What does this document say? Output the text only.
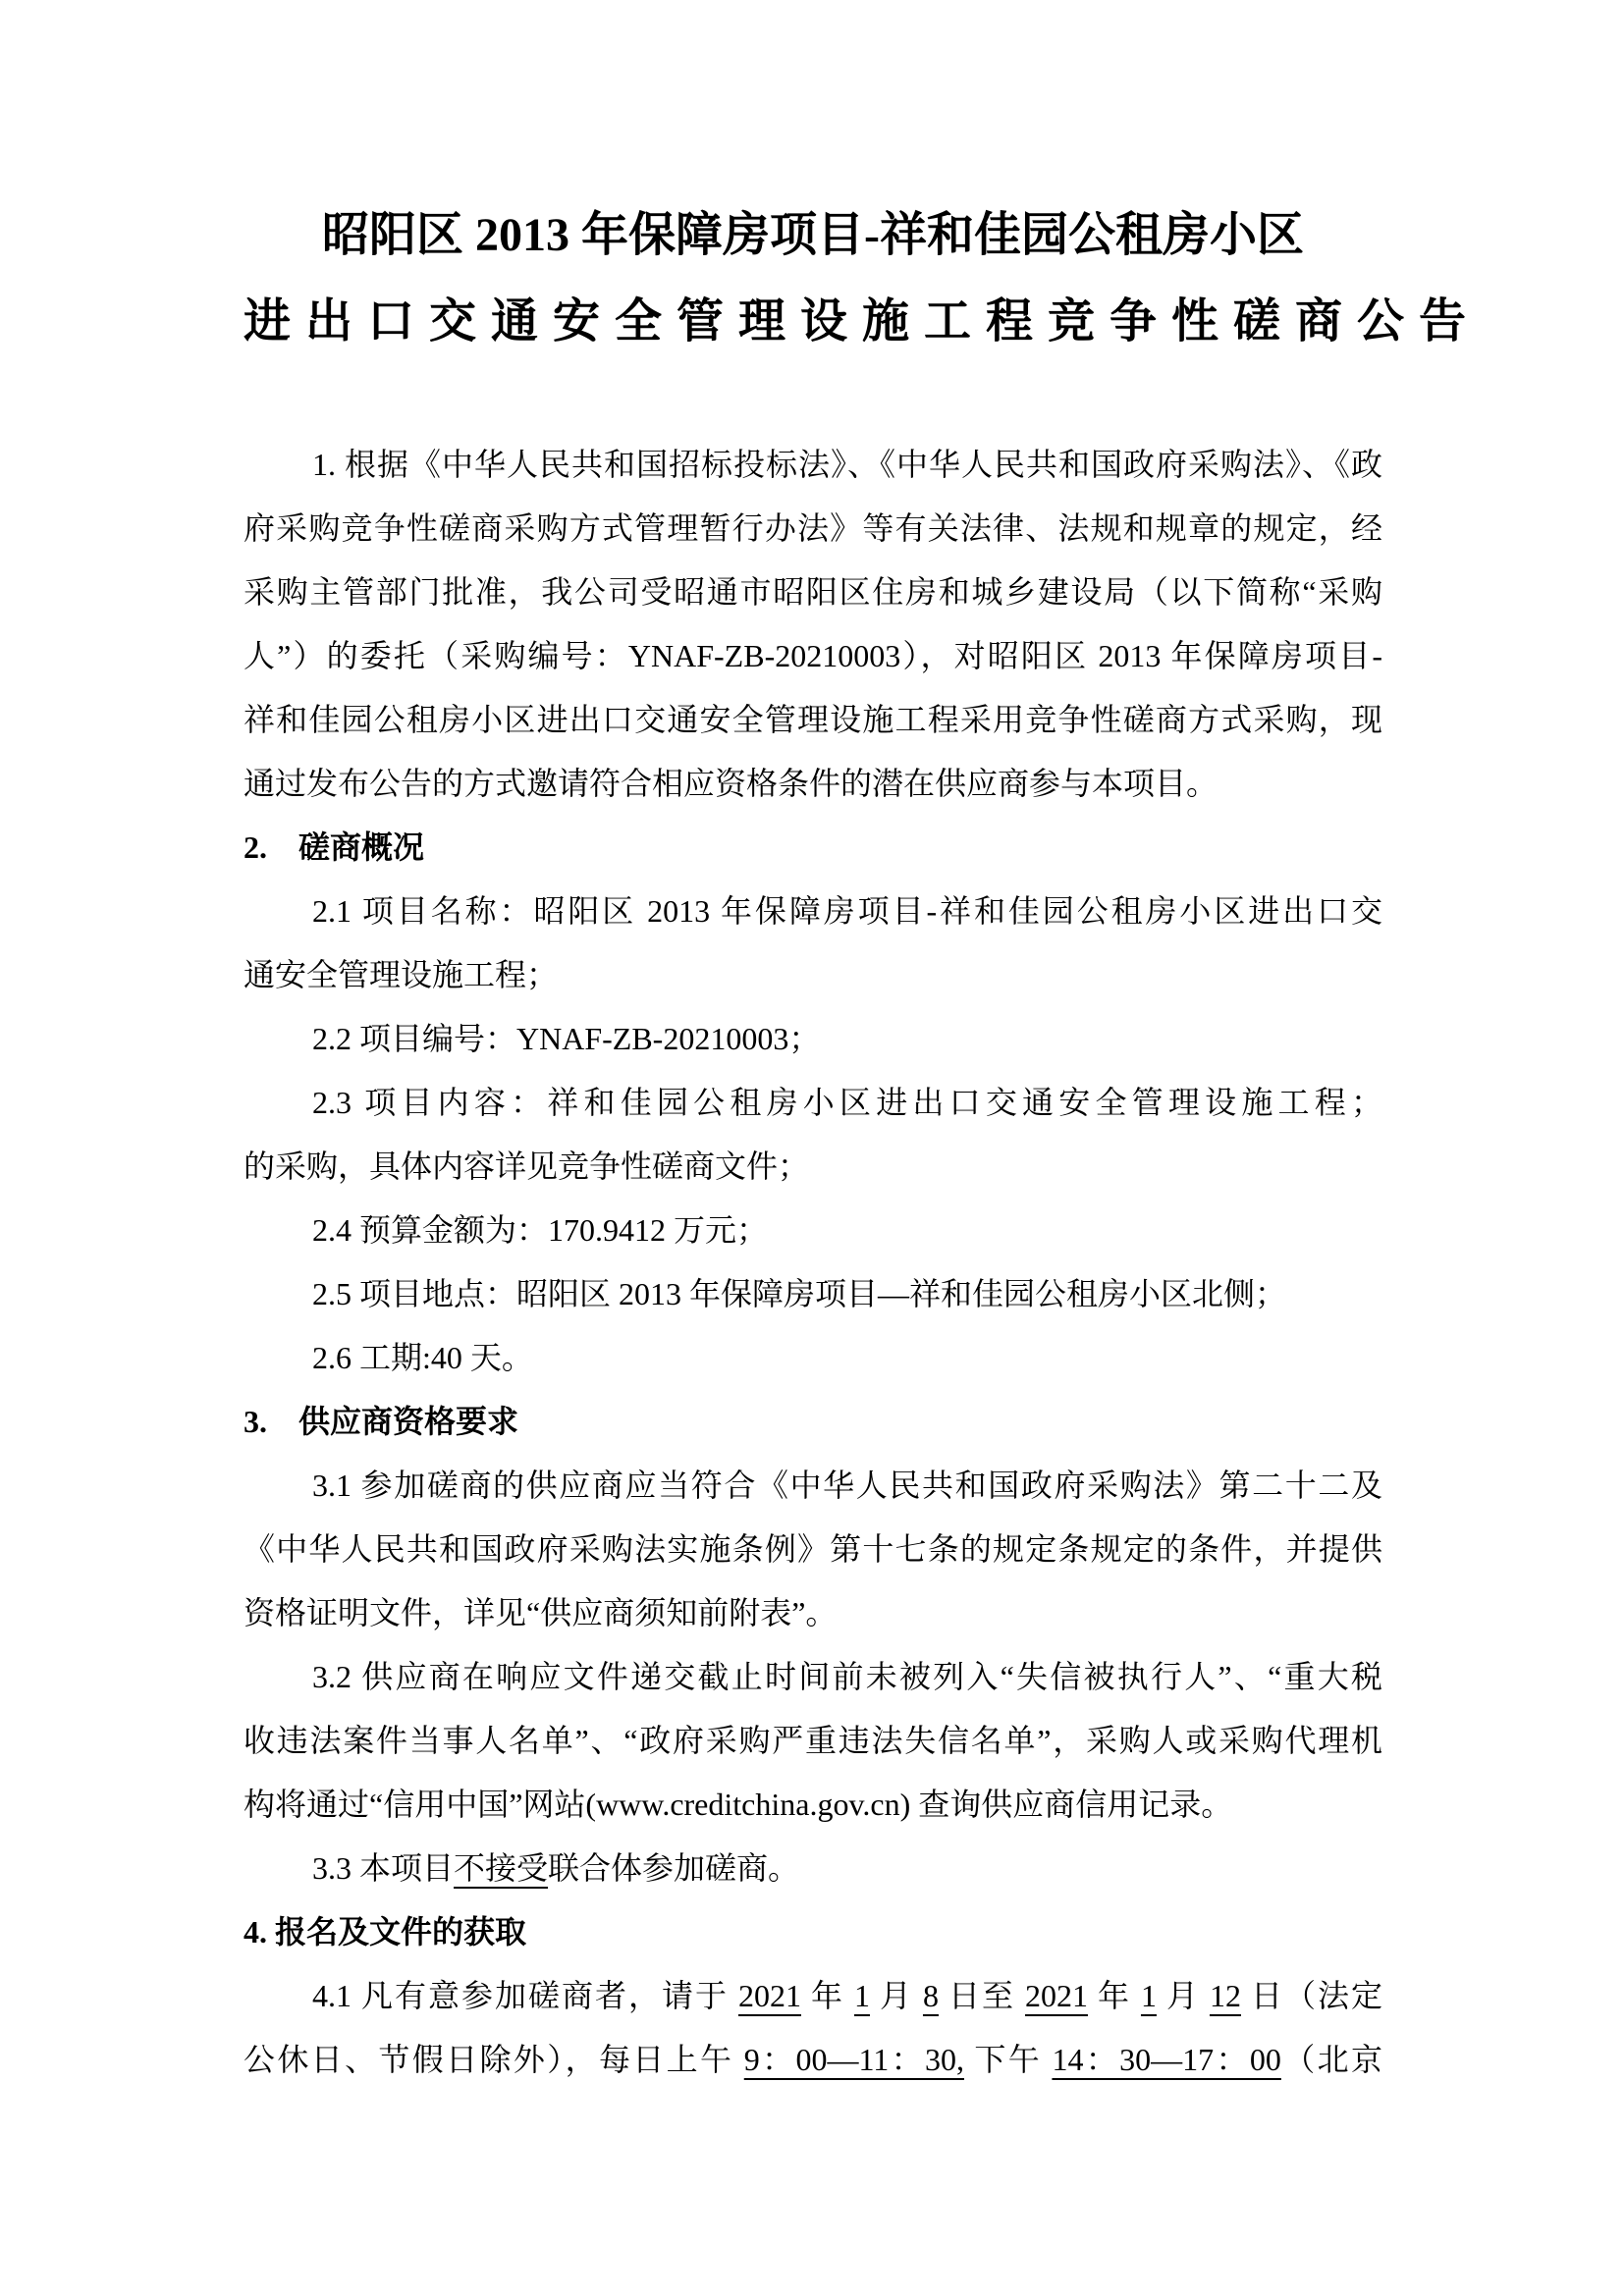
昭阳区 2013 年保障房项目-祥和佳园公租房小区
进出口交通安全管理设施工程竞争性磋商公告
1. 根据《中华人民共和国招标投标法》、《中华人民共和国政府采购法》、《政
府采购竞争性磋商采购方式管理暂行办法》等有关法律、法规和规章的规定，经
采购主管部门批准，我公司受昭通市昭阳区住房和城乡建设局（以下简称“采购
人”）的委托（采购编号：YNAF-ZB-20210003），对昭阳区 2013 年保障房项目-
祥和佳园公租房小区进出口交通安全管理设施工程采用竞争性磋商方式采购，现
通过发布公告的方式邀请符合相应资格条件的潜在供应商参与本项目。
2.　磋商概况
2.1 项目名称：昭阳区 2013 年保障房项目-祥和佳园公租房小区进出口交
通安全管理设施工程；
2.2 项目编号：YNAF-ZB-20210003；
2.3 项目内容：祥和佳园公租房小区进出口交通安全管理设施工程；
的采购，具体内容详见竞争性磋商文件；
2.4 预算金额为：170.9412 万元；
2.5 项目地点：昭阳区 2013 年保障房项目—祥和佳园公租房小区北侧；
2.6 工期:40 天。
3.　供应商资格要求
3.1 参加磋商的供应商应当符合《中华人民共和国政府采购法》第二十二及
《中华人民共和国政府采购法实施条例》第十七条的规定条规定的条件，并提供
资格证明文件，详见“供应商须知前附表”。
3.2 供应商在响应文件递交截止时间前未被列入“失信被执行人”、“重大税
收违法案件当事人名单”、“政府采购严重违法失信名单”，采购人或采购代理机
构将通过“信用中国”网站(www.creditchina.gov.cn) 查询供应商信用记录。
3.3 本项目不接受联合体参加磋商。
4. 报名及文件的获取
4.1 凡有意参加磋商者，请于 2021 年 1 月 8 日至 2021 年 1 月 12 日（法定
公休日、节假日除外），每日上午 9：00—11：30, 下午 14：30—17：00（北京
